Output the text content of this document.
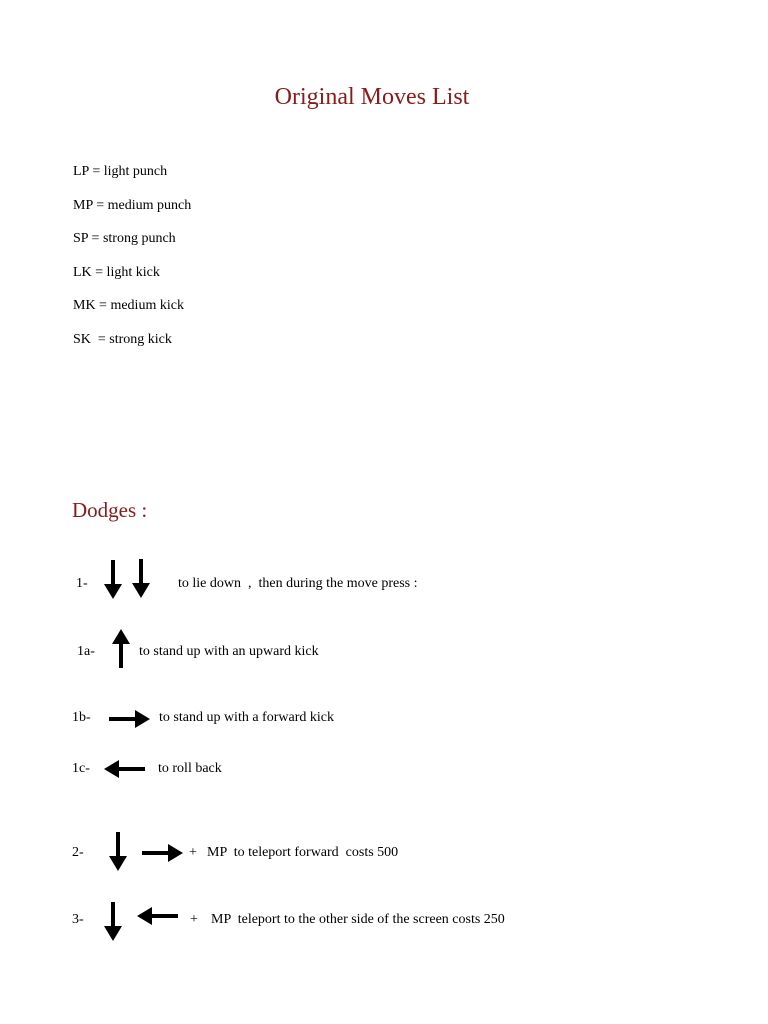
Original Moves List
LP = light punch
MP = medium punch
SP = strong punch
LK = light kick
MK = medium kick
SK  = strong kick
Dodges :
1-	to lie down  ,  then during the move press :
1a-	to stand up with an upward kick
1b-	to stand up with a forward kick
1c-	to roll back
2-	+ MP  to teleport forward  costs 500
3-	+ MP  teleport to the other side of the screen costs 250
